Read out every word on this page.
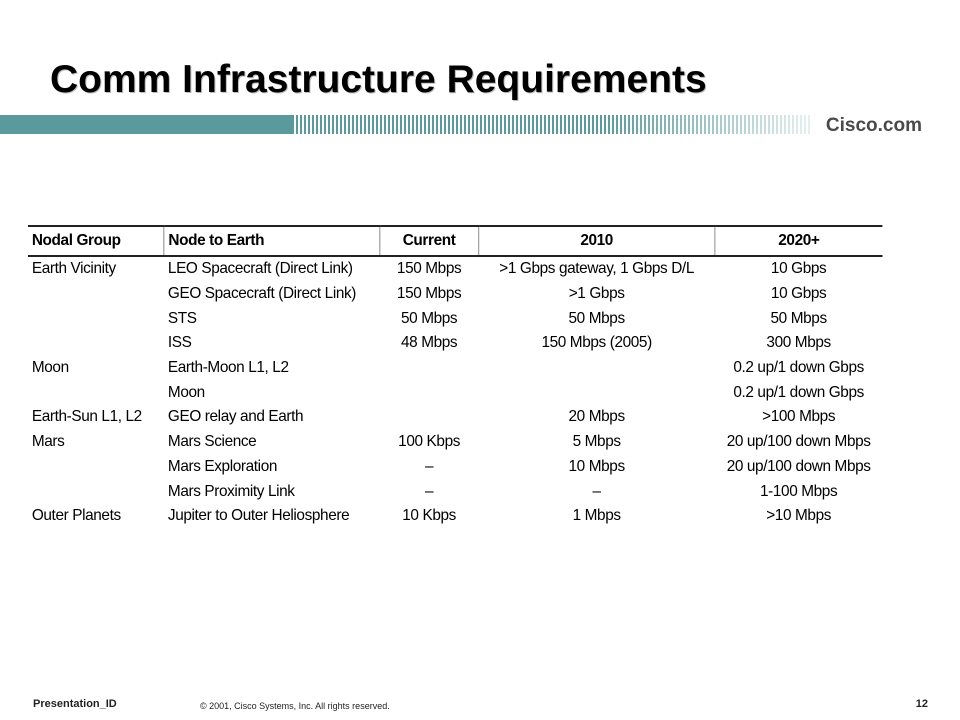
Comm Infrastructure Requirements
Cisco.com
Nodal Group	Node to Earth	Current	2010	2020+
Earth Vicinity	LEO Spacecraft (Direct Link)	150 Mbps	>1 Gbps gateway, 1 Gbps D/L	10 Gbps
	GEO Spacecraft (Direct Link)	150 Mbps	>1 Gbps	10 Gbps
	STS	50 Mbps	50 Mbps	50 Mbps
	ISS	48 Mbps	150 Mbps (2005)	300 Mbps
Moon	Earth-Moon L1, L2			0.2 up/1 down Gbps
	Moon			0.2 up/1 down Gbps
Earth-Sun L1, L2	GEO relay and Earth		20 Mbps	>100 Mbps
Mars	Mars Science	100 Kbps	5 Mbps	20 up/100 down Mbps
	Mars Exploration	–	10 Mbps	20 up/100 down Mbps
	Mars Proximity Link	–	–	1-100 Mbps
Outer Planets	Jupiter to Outer Heliosphere	10 Kbps	1 Mbps	>10 Mbps
Presentation_ID	© 2001, Cisco Systems, Inc. All rights reserved.	12
